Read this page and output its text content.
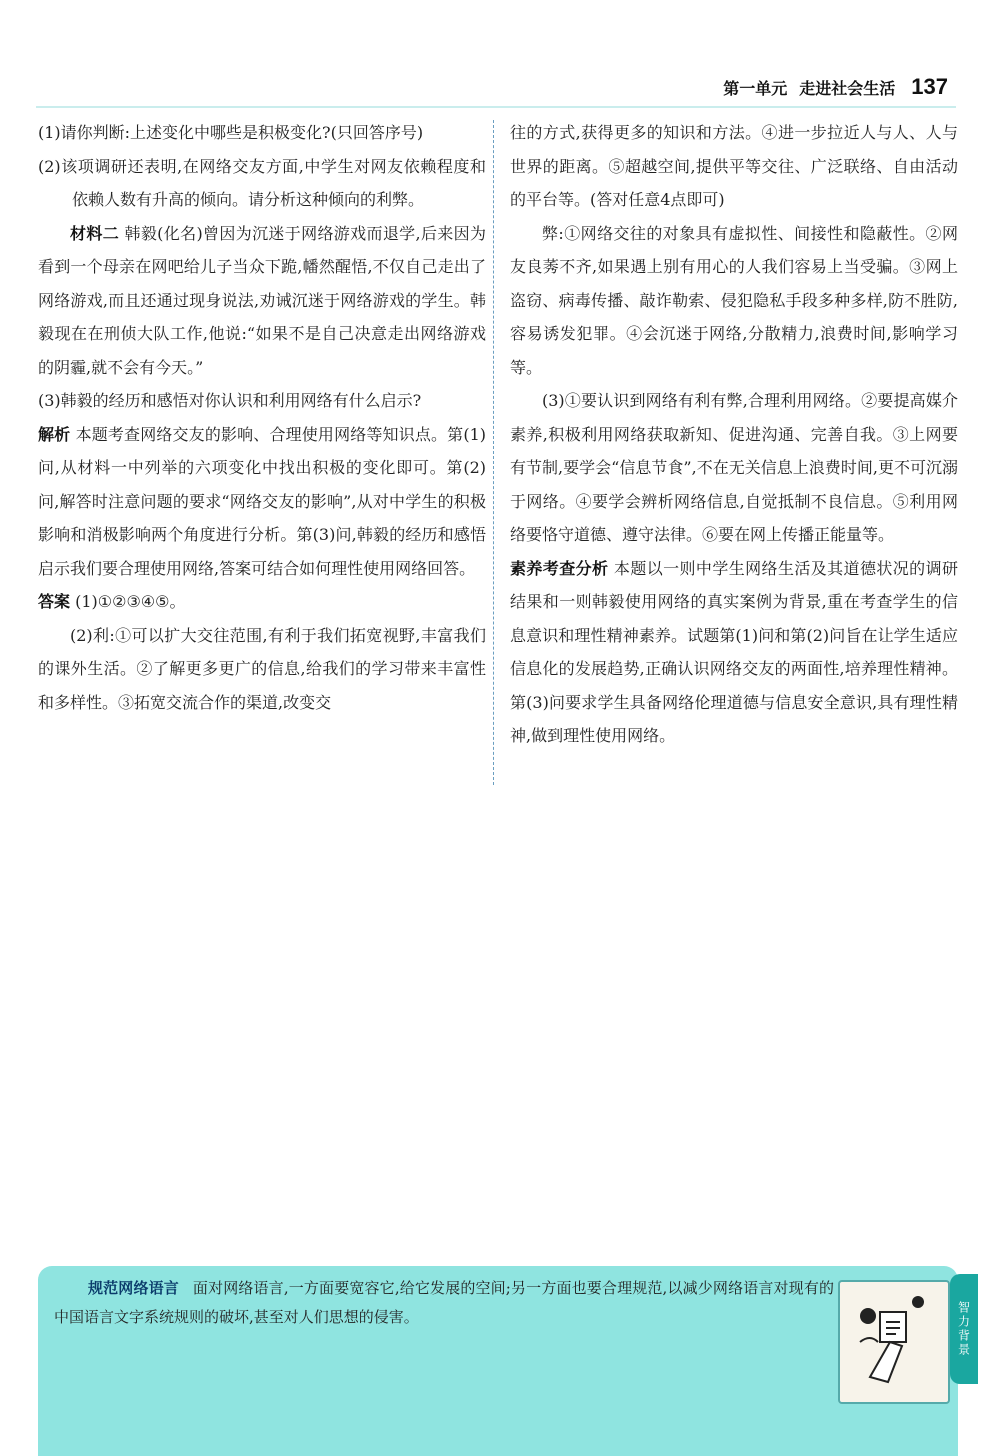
第一单元 走进社会生活 137

(1)请你判断:上述变化中哪些是积极变化?(只回答序号)

(2)该项调研还表明,在网络交友方面,中学生对网友依赖程度和依赖人数有升高的倾向。请分析这种倾向的利弊。

材料二 韩毅(化名)曾因为沉迷于网络游戏而退学,后来因为看到一个母亲在网吧给儿子当众下跪,幡然醒悟,不仅自己走出了网络游戏,而且还通过现身说法,劝诫沉迷于网络游戏的学生。韩毅现在在刑侦大队工作,他说:“如果不是自己决意走出网络游戏的阴霾,就不会有今天。”

(3)韩毅的经历和感悟对你认识和利用网络有什么启示?

解析 本题考查网络交友的影响、合理使用网络等知识点。第(1)问,从材料一中列举的六项变化中找出积极的变化即可。第(2)问,解答时注意问题的要求“网络交友的影响”,从对中学生的积极影响和消极影响两个角度进行分析。第(3)问,韩毅的经历和感悟启示我们要合理使用网络,答案可结合如何理性使用网络回答。

答案 (1)①②③④⑤。

(2)利:①可以扩大交往范围,有利于我们拓宽视野,丰富我们的课外生活。②了解更多更广的信息,给我们的学习带来丰富性和多样性。③拓宽交流合作的渠道,改变交

往的方式,获得更多的知识和方法。④进一步拉近人与人、人与世界的距离。⑤超越空间,提供平等交往、广泛联络、自由活动的平台等。(答对任意4点即可)

弊:①网络交往的对象具有虚拟性、间接性和隐蔽性。②网友良莠不齐,如果遇上别有用心的人我们容易上当受骗。③网上盗窃、病毒传播、敲诈勒索、侵犯隐私手段多种多样,防不胜防,容易诱发犯罪。④会沉迷于网络,分散精力,浪费时间,影响学习等。

(3)①要认识到网络有利有弊,合理利用网络。②要提高媒介素养,积极利用网络获取新知、促进沟通、完善自我。③上网要有节制,要学会“信息节食”,不在无关信息上浪费时间,更不可沉溺于网络。④要学会辨析网络信息,自觉抵制不良信息。⑤利用网络要恪守道德、遵守法律。⑥要在网上传播正能量等。

素养考查分析 本题以一则中学生网络生活及其道德状况的调研结果和一则韩毅使用网络的真实案例为背景,重在考查学生的信息意识和理性精神素养。试题第(1)问和第(2)问旨在让学生适应信息化的发展趋势,正确认识网络交友的两面性,培养理性精神。第(3)问要求学生具备网络伦理道德与信息安全意识,具有理性精神,做到理性使用网络。

规范网络语言 面对网络语言,一方面要宽容它,给它发展的空间;另一方面也要合理规范,以减少网络语言对现有的中国语言文字系统规则的破坏,甚至对人们思想的侵害。	智力背景
